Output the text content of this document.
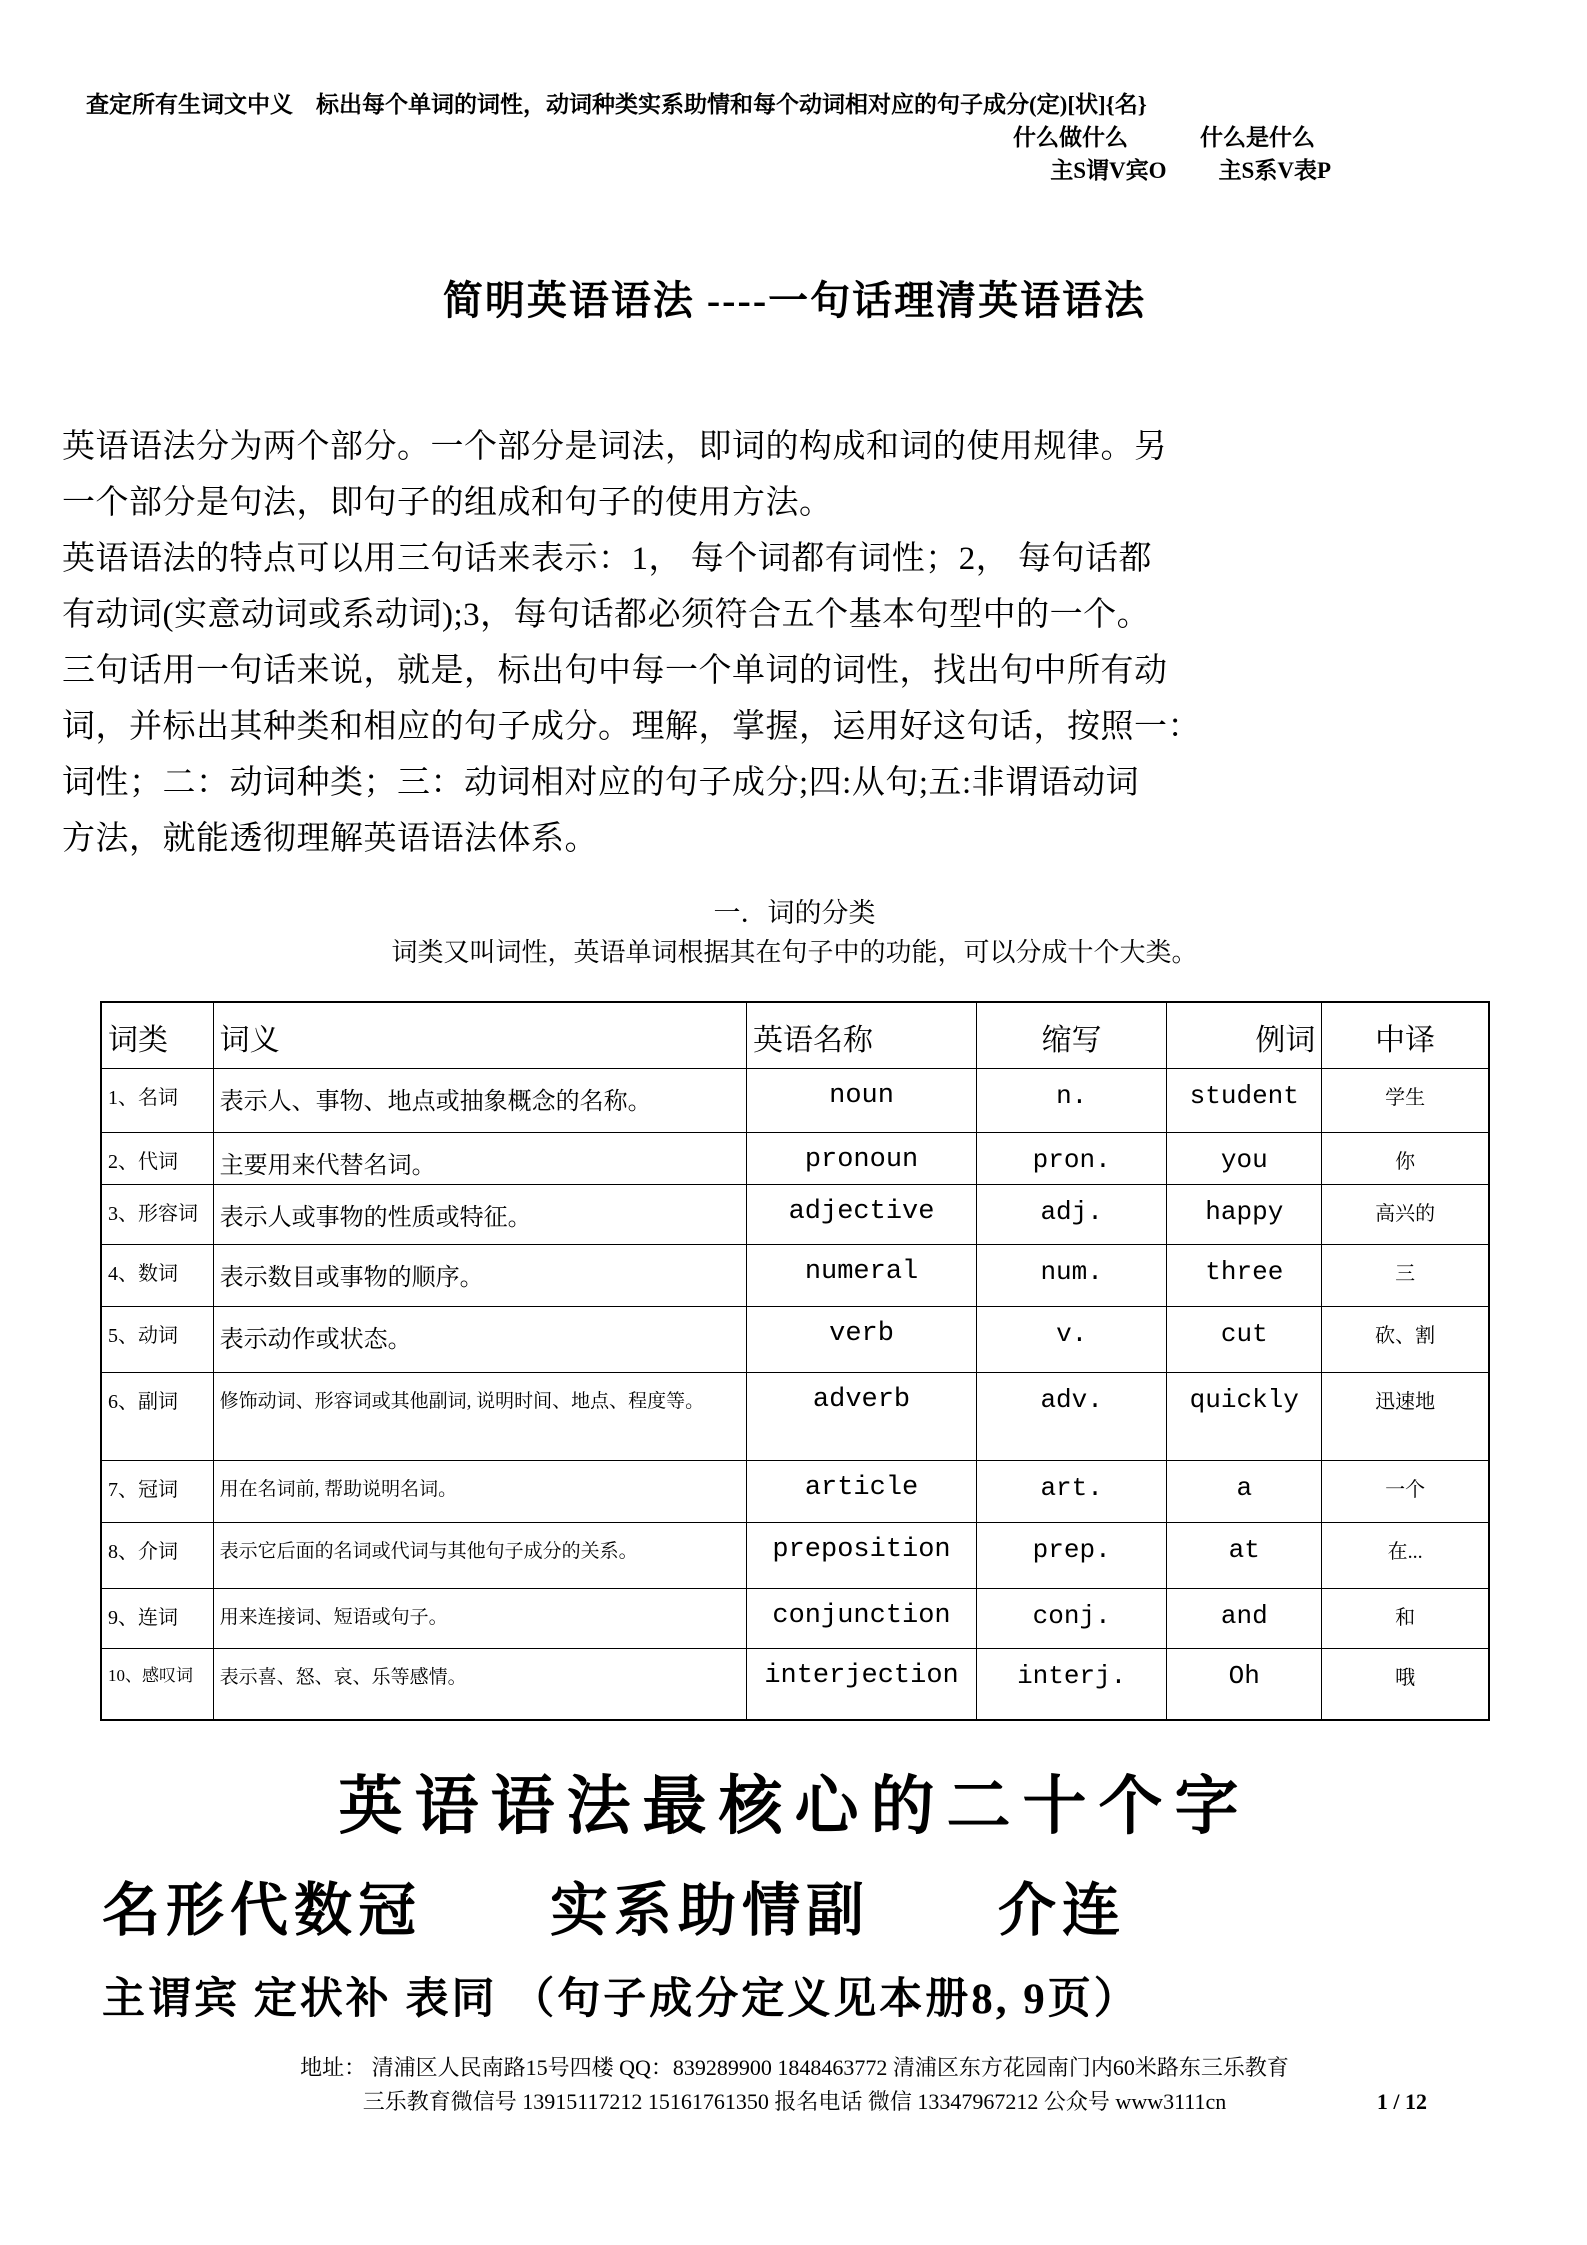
查定所有生词文中义　标出每个单词的词性，动词种类实系助情和每个动词相对应的句子成分(定)[状]{名}
什么做什么	什么是什么
主S谓V宾O 主S系V表P
简明英语语法 ----一句话理清英语语法
英语语法分为两个部分。一个部分是词法，即词的构成和词的使用规律。另
一个部分是句法，即句子的组成和句子的使用方法。
英语语法的特点可以用三句话来表示：1， 每个词都有词性；2， 每句话都
有动词(实意动词或系动词);3，每句话都必须符合五个基本句型中的一个。
三句话用一句话来说，就是，标出句中每一个单词的词性，找出句中所有动
词，并标出其种类和相应的句子成分。理解，掌握，运用好这句话，按照一：
词性；二：动词种类；三：动词相对应的句子成分;四:从句;五:非谓语动词
方法，就能透彻理解英语语法体系。
一．词的分类
词类又叫词性，英语单词根据其在句子中的功能，可以分成十个大类。
词类	词义	英语名称	缩写	例词	中译
1、名词	表示人、事物、地点或抽象概念的名称。	noun	n.	student	学生
2、代词	主要用来代替名词。	pronoun	pron.	you	你
3、形容词	表示人或事物的性质或特征。	adjective	adj.	happy	高兴的
4、数词	表示数目或事物的顺序。	numeral	num.	three	三
5、动词	表示动作或状态。	verb	v.	cut	砍、割
6、副词	修饰动词、形容词或其他副词, 说明时间、地点、程度等。	adverb	adv.	quickly	迅速地
7、冠词	用在名词前, 帮助说明名词。	article	art.	a	一个
8、介词	表示它后面的名词或代词与其他句子成分的关系。	preposition	prep.	at	在...
9、连词	用来连接词、短语或句子。	conjunction	conj.	and	和
10、感叹词	表示喜、怒、哀、乐等感情。	interjection	interj.	Oh	哦
英语语法最核心的二十个字
名形代数冠　　实系助情副　　介连
主谓宾 定状补 表同 （句子成分定义见本册8, 9页）
地址： 清浦区人民南路15号四楼 QQ：839289900 1848463772 清浦区东方花园南门内60米路东三乐教育
三乐教育微信号 13915117212 15161761350 报名电话 微信 13347967212 公众号 www3111cn	1 / 12
